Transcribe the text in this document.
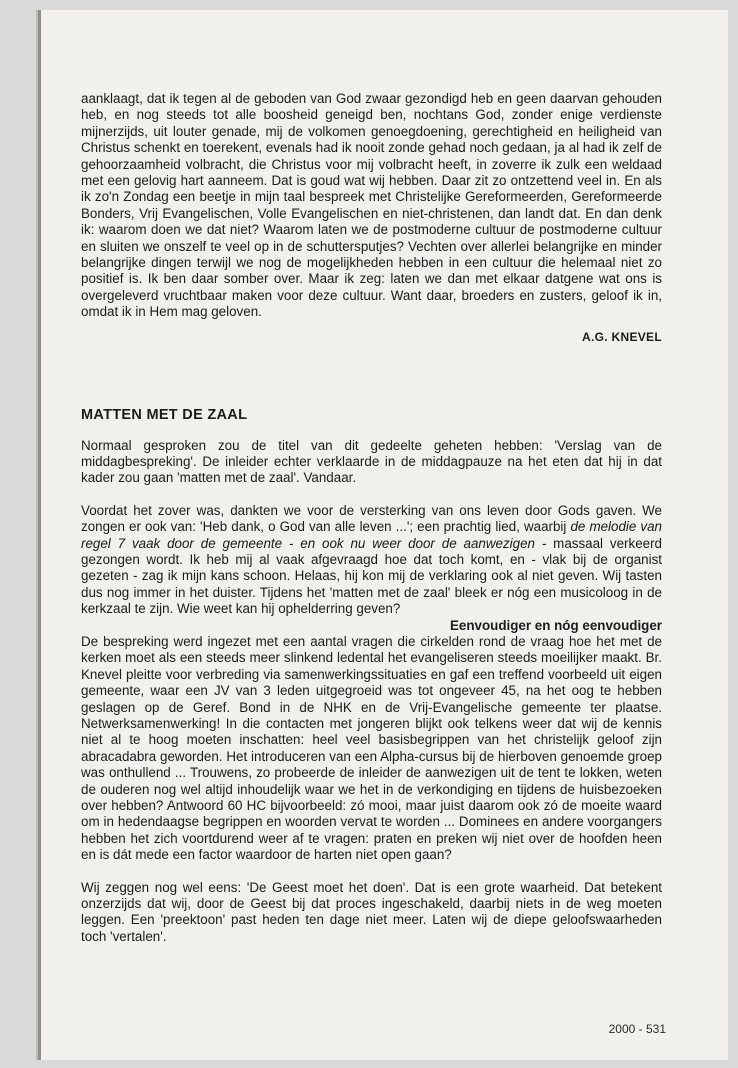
aanklaagt, dat ik tegen al de geboden van God zwaar gezondigd heb en geen daarvan gehouden heb, en nog steeds tot alle boosheid geneigd ben, nochtans God, zonder enige verdienste mijnerzijds, uit louter genade, mij de volkomen genoegdoening, gerechtigheid en heiligheid van Christus schenkt en toerekent, evenals had ik nooit zonde gehad noch gedaan, ja al had ik zelf de gehoorzaamheid volbracht, die Christus voor mij volbracht heeft, in zoverre ik zulk een weldaad met een gelovig hart aanneem. Dat is goud wat wij hebben. Daar zit zo ontzettend veel in. En als ik zo'n Zondag een beetje in mijn taal bespreek met Christelijke Gereformeerden, Gereformeerde Bonders, Vrij Evangelischen, Volle Evangelischen en niet-christenen, dan landt dat. En dan denk ik: waarom doen we dat niet? Waarom laten we de postmoderne cultuur de postmoderne cultuur en sluiten we onszelf te veel op in de schuttersputjes? Vechten over allerlei belangrijke en minder belangrijke dingen terwijl we nog de mogelijkheden hebben in een cultuur die helemaal niet zo positief is. Ik ben daar somber over. Maar ik zeg: laten we dan met elkaar datgene wat ons is overgeleverd vruchtbaar maken voor deze cultuur. Want daar, broeders en zusters, geloof ik in, omdat ik in Hem mag geloven.

A.G. KNEVEL
MATTEN MET DE ZAAL

Normaal gesproken zou de titel van dit gedeelte geheten hebben: 'Verslag van de middagbespreking'. De inleider echter verklaarde in de middagpauze na het eten dat hij in dat kader zou gaan 'matten met de zaal'. Vandaar.

Voordat het zover was, dankten we voor de versterking van ons leven door Gods gaven. We zongen er ook van: 'Heb dank, o God van alle leven ...'; een prachtig lied, waarbij de melodie van regel 7 vaak door de gemeente - en ook nu weer door de aanwezigen - massaal verkeerd gezongen wordt. Ik heb mij al vaak afgevraagd hoe dat toch komt, en - vlak bij de organist gezeten - zag ik mijn kans schoon. Helaas, hij kon mij de verklaring ook al niet geven. Wij tasten dus nog immer in het duister. Tijdens het 'matten met de zaal' bleek er nóg een musicoloog in de kerkzaal te zijn. Wie weet kan hij ophelderring geven?

Eenvoudiger en nóg eenvoudiger

De bespreking werd ingezet met een aantal vragen die cirkelden rond de vraag hoe het met de kerken moet als een steeds meer slinkend ledental het evangeliseren steeds moeilijker maakt. Br. Knevel pleitte voor verbreding via samenwerkingssituaties en gaf een treffend voorbeeld uit eigen gemeente, waar een JV van 3 leden uitgegroeid was tot ongeveer 45, na het oog te hebben geslagen op de Geref. Bond in de NHK en de Vrij-Evangelische gemeente ter plaatse. Netwerksamenwerking! In die contacten met jongeren blijkt ook telkens weer dat wij de kennis niet al te hoog moeten inschatten: heel veel basisbegrippen van het christelijk geloof zijn abracadabra geworden. Het introduceren van een Alpha-cursus bij de hierboven genoemde groep was onthullend ... Trouwens, zo probeerde de inleider de aanwezigen uit de tent te lokken, weten de ouderen nog wel altijd inhoudelijk waar we het in de verkondiging en tijdens de huisbezoeken over hebben? Antwoord 60 HC bijvoorbeeld: zó mooi, maar juist daarom ook zó de moeite waard om in hedendaagse begrippen en woorden vervat te worden ... Dominees en andere voorgangers hebben het zich voortdurend weer af te vragen: praten en preken wij niet over de hoofden heen en is dát mede een factor waardoor de harten niet open gaan?

Wij zeggen nog wel eens: 'De Geest moet het doen'. Dat is een grote waarheid. Dat betekent onzerzijds dat wij, door de Geest bij dat proces ingeschakeld, daarbij niets in de weg moeten leggen. Een 'preektoon' past heden ten dage niet meer. Laten wij de diepe geloofswaarheden toch 'vertalen'.

2000 - 531
